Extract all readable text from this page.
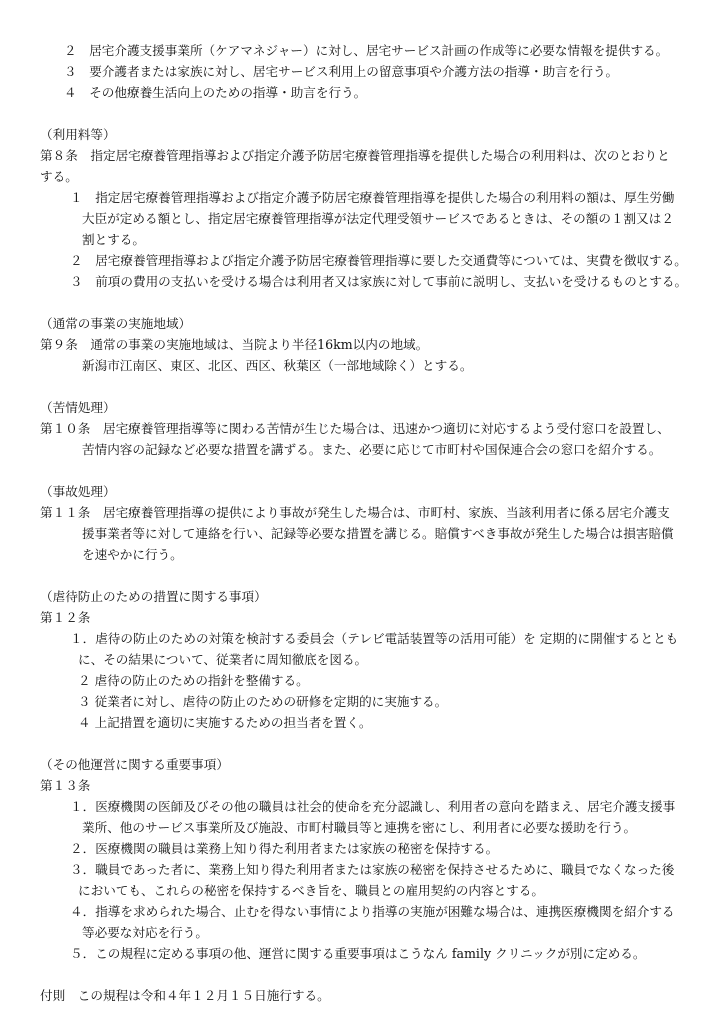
２　居宅介護支援事業所（ケアマネジャー）に対し、居宅サービス計画の作成等に必要な情報を提供する。
３　要介護者または家族に対し、居宅サービス利用上の留意事項や介護方法の指導・助言を行う。
４　その他療養生活向上のための指導・助言を行う。
（利用料等）
第８条　指定居宅療養管理指導および指定介護予防居宅療養管理指導を提供した場合の利用料は、次のとおりと
する。
１　指定居宅療養管理指導および指定介護予防居宅療養管理指導を提供した場合の利用料の額は、厚生労働
大臣が定める額とし、指定居宅療養管理指導が法定代理受領サービスであるときは、その額の１割又は２
割とする。
２　居宅療養管理指導および指定介護予防居宅療養管理指導に要した交通費等については、実費を徴収する。
３　前項の費用の支払いを受ける場合は利用者又は家族に対して事前に説明し、支払いを受けるものとする。
（通常の事業の実施地域）
第９条　通常の事業の実施地域は、当院より半径16km以内の地域。
新潟市江南区、東区、北区、西区、秋葉区（一部地域除く）とする。
（苦情処理）
第１０条　居宅療養管理指導等に関わる苦情が生じた場合は、迅速かつ適切に対応するよう受付窓口を設置し、
苦情内容の記録など必要な措置を講ずる。また、必要に応じて市町村や国保連合会の窓口を紹介する。
（事故処理）
第１１条　居宅療養管理指導の提供により事故が発生した場合は、市町村、家族、当該利用者に係る居宅介護支
援事業者等に対して連絡を行い、記録等必要な措置を講じる。賠償すべき事故が発生した場合は損害賠償
を速やかに行う。
（虐待防止のための措置に関する事項）
第１２条
１．虐待の防止のための対策を検討する委員会（テレビ電話装置等の活用可能）を 定期的に開催するととも
に、その結果について、従業者に周知徹底を図る。
２ 虐待の防止のための指針を整備する。
３ 従業者に対し、虐待の防止のための研修を定期的に実施する。
４ 上記措置を適切に実施するための担当者を置く。
（その他運営に関する重要事項）
第１３条
１．医療機関の医師及びその他の職員は社会的使命を充分認識し、利用者の意向を踏まえ、居宅介護支援事
業所、他のサービス事業所及び施設、市町村職員等と連携を密にし、利用者に必要な援助を行う。
２．医療機関の職員は業務上知り得た利用者または家族の秘密を保持する。
３．職員であった者に、業務上知り得た利用者または家族の秘密を保持させるために、職員でなくなった後
においても、これらの秘密を保持するべき旨を、職員との雇用契約の内容とする。
４．指導を求められた場合、止むを得ない事情により指導の実施が困難な場合は、連携医療機関を紹介する
等必要な対応を行う。
５．この規程に定める事項の他、運営に関する重要事項はこうなん family クリニックが別に定める。
付則　この規程は令和４年１２月１５日施行する。
